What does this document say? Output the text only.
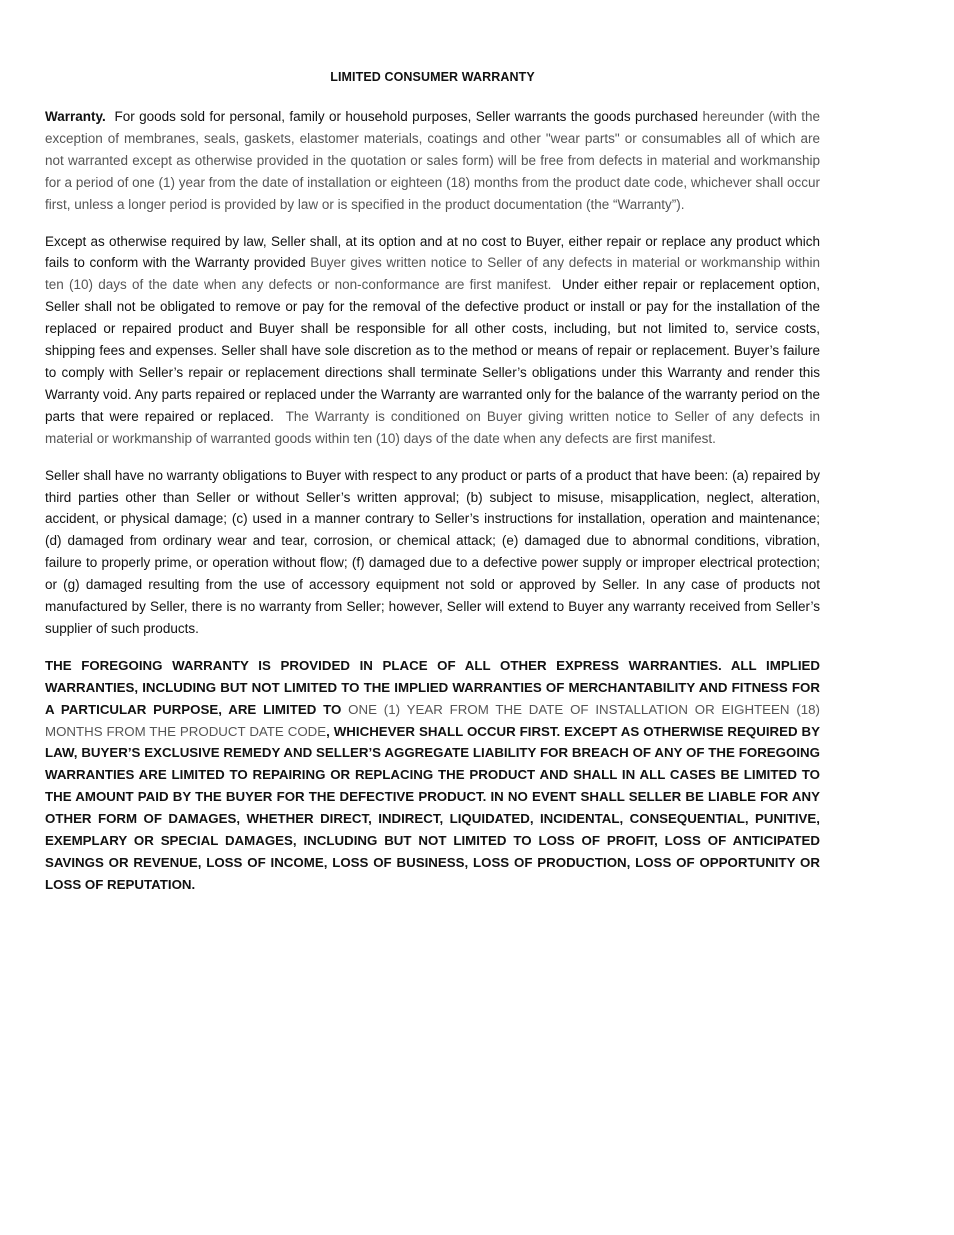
LIMITED CONSUMER WARRANTY

Warranty. For goods sold for personal, family or household purposes, Seller warrants the goods purchased hereunder (with the exception of membranes, seals, gaskets, elastomer materials, coatings and other "wear parts" or consumables all of which are not warranted except as otherwise provided in the quotation or sales form) will be free from defects in material and workmanship for a period of one (1) year from the date of installation or eighteen (18) months from the product date code, whichever shall occur first, unless a longer period is provided by law or is specified in the product documentation (the “Warranty”).

Except as otherwise required by law, Seller shall, at its option and at no cost to Buyer, either repair or replace any product which fails to conform with the Warranty provided Buyer gives written notice to Seller of any defects in material or workmanship within ten (10) days of the date when any defects or non-conformance are first manifest. Under either repair or replacement option, Seller shall not be obligated to remove or pay for the removal of the defective product or install or pay for the installation of the replaced or repaired product and Buyer shall be responsible for all other costs, including, but not limited to, service costs, shipping fees and expenses. Seller shall have sole discretion as to the method or means of repair or replacement. Buyer’s failure to comply with Seller’s repair or replacement directions shall terminate Seller’s obligations under this Warranty and render this Warranty void. Any parts repaired or replaced under the Warranty are warranted only for the balance of the warranty period on the parts that were repaired or replaced. The Warranty is conditioned on Buyer giving written notice to Seller of any defects in material or workmanship of warranted goods within ten (10) days of the date when any defects are first manifest.

Seller shall have no warranty obligations to Buyer with respect to any product or parts of a product that have been: (a) repaired by third parties other than Seller or without Seller’s written approval; (b) subject to misuse, misapplication, neglect, alteration, accident, or physical damage; (c) used in a manner contrary to Seller’s instructions for installation, operation and maintenance; (d) damaged from ordinary wear and tear, corrosion, or chemical attack; (e) damaged due to abnormal conditions, vibration, failure to properly prime, or operation without flow; (f) damaged due to a defective power supply or improper electrical protection; or (g) damaged resulting from the use of accessory equipment not sold or approved by Seller. In any case of products not manufactured by Seller, there is no warranty from Seller; however, Seller will extend to Buyer any warranty received from Seller’s supplier of such products.

THE FOREGOING WARRANTY IS PROVIDED IN PLACE OF ALL OTHER EXPRESS WARRANTIES. ALL IMPLIED WARRANTIES, INCLUDING BUT NOT LIMITED TO THE IMPLIED WARRANTIES OF MERCHANTABILITY AND FITNESS FOR A PARTICULAR PURPOSE, ARE LIMITED TO ONE (1) YEAR FROM THE DATE OF INSTALLATION OR EIGHTEEN (18) MONTHS FROM THE PRODUCT DATE CODE, WHICHEVER SHALL OCCUR FIRST. EXCEPT AS OTHERWISE REQUIRED BY LAW, BUYER’S EXCLUSIVE REMEDY AND SELLER’S AGGREGATE LIABILITY FOR BREACH OF ANY OF THE FOREGOING WARRANTIES ARE LIMITED TO REPAIRING OR REPLACING THE PRODUCT AND SHALL IN ALL CASES BE LIMITED TO THE AMOUNT PAID BY THE BUYER FOR THE DEFECTIVE PRODUCT. IN NO EVENT SHALL SELLER BE LIABLE FOR ANY OTHER FORM OF DAMAGES, WHETHER DIRECT, INDIRECT, LIQUIDATED, INCIDENTAL, CONSEQUENTIAL, PUNITIVE, EXEMPLARY OR SPECIAL DAMAGES, INCLUDING BUT NOT LIMITED TO LOSS OF PROFIT, LOSS OF ANTICIPATED SAVINGS OR REVENUE, LOSS OF INCOME, LOSS OF BUSINESS, LOSS OF PRODUCTION, LOSS OF OPPORTUNITY OR LOSS OF REPUTATION.
